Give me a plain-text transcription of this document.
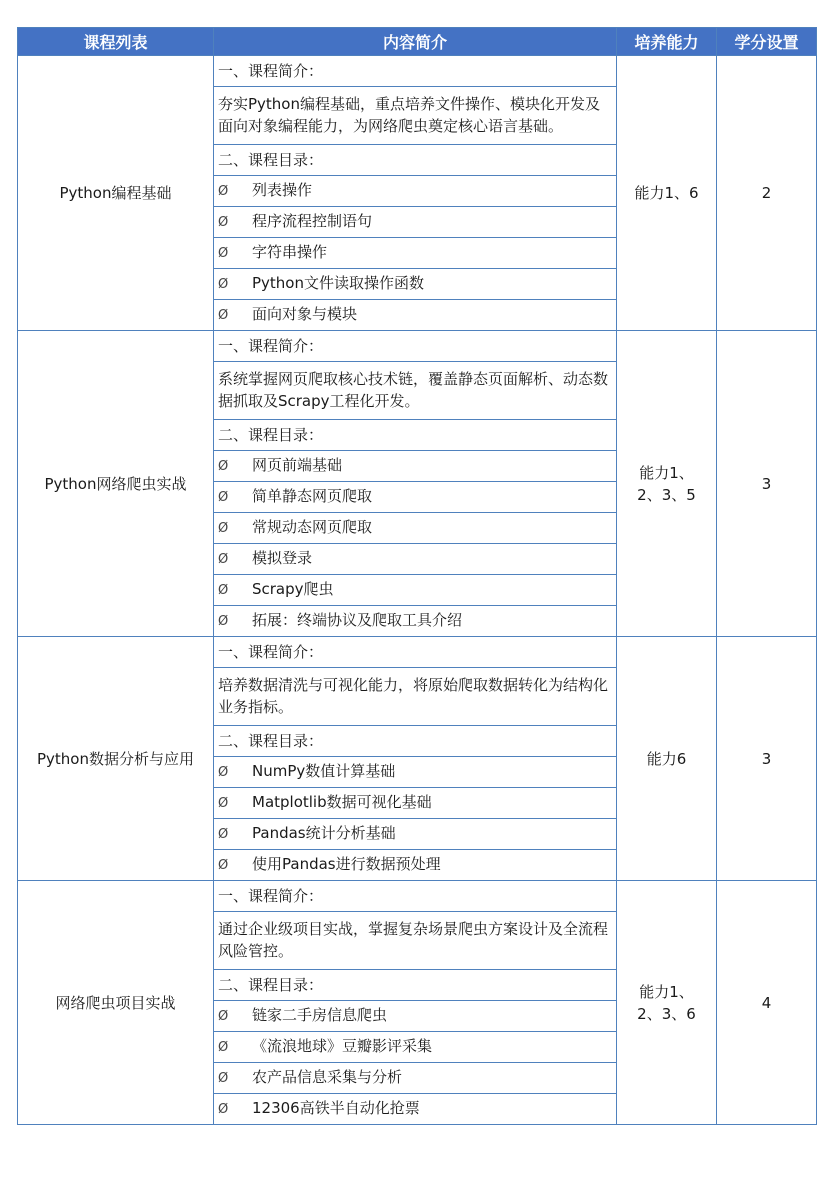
课程列表	内容简介	培养能力	学分设置
Python编程基础	一、课程简介：	能力1、6	2
	夯实Python编程基础，重点培养文件操作、模块化开发及面向对象编程能力，为网络爬虫奠定核心语言基础。		
	二、课程目录：		
	Ø 列表操作		
	Ø 程序流程控制语句		
	Ø 字符串操作		
	Ø Python文件读取操作函数		
	Ø 面向对象与模块		
Python网络爬虫实战	一、课程简介：	能力1、2、3、5	3
	系统掌握网页爬取核心技术链，覆盖静态页面解析、动态数据抓取及Scrapy工程化开发。		
	二、课程目录：		
	Ø 网页前端基础		
	Ø 简单静态网页爬取		
	Ø 常规动态网页爬取		
	Ø 模拟登录		
	Ø Scrapy爬虫		
	Ø 拓展：终端协议及爬取工具介绍		
Python数据分析与应用	一、课程简介：	能力6	3
	培养数据清洗与可视化能力，将原始爬取数据转化为结构化业务指标。		
	二、课程目录：		
	Ø NumPy数值计算基础		
	Ø Matplotlib数据可视化基础		
	Ø Pandas统计分析基础		
	Ø 使用Pandas进行数据预处理		
网络爬虫项目实战	一、课程简介：	能力1、2、3、6	4
	通过企业级项目实战，掌握复杂场景爬虫方案设计及全流程风险管控。		
	二、课程目录：		
	Ø 链家二手房信息爬虫		
	Ø 《流浪地球》豆瓣影评采集		
	Ø 农产品信息采集与分析		
	Ø 12306高铁半自动化抢票		
